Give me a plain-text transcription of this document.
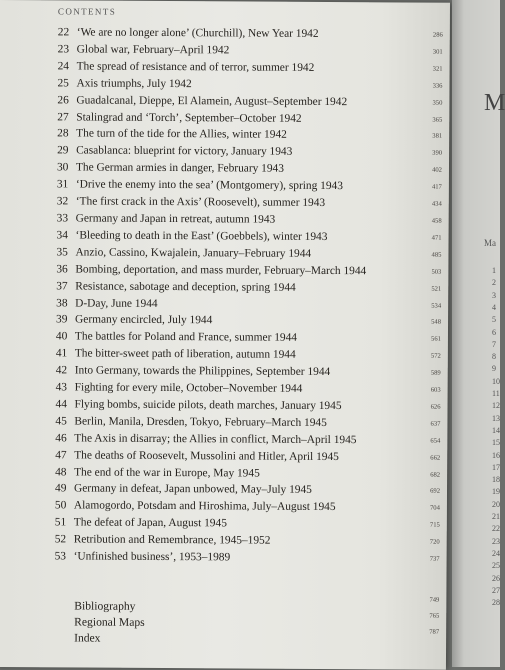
CONTENTS
22 ‘We are no longer alone’ (Churchill), New Year 1942	286
23 Global war, February–April 1942	301
24 The spread of resistance and of terror, summer 1942	321
25 Axis triumphs, July 1942	336
26 Guadalcanal, Dieppe, El Alamein, August–September 1942	350
27 Stalingrad and ‘Torch’, September–October 1942	365
28 The turn of the tide for the Allies, winter 1942	381
29 Casablanca: blueprint for victory, January 1943	390
30 The German armies in danger, February 1943	402
31 ‘Drive the enemy into the sea’ (Montgomery), spring 1943	417
32 ‘The first crack in the Axis’ (Roosevelt), summer 1943	434
33 Germany and Japan in retreat, autumn 1943	458
34 ‘Bleeding to death in the East’ (Goebbels), winter 1943	471
35 Anzio, Cassino, Kwajalein, January–February 1944	485
36 Bombing, deportation, and mass murder, February–March 1944	503
37 Resistance, sabotage and deception, spring 1944	521
38 D-Day, June 1944	534
39 Germany encircled, July 1944	548
40 The battles for Poland and France, summer 1944	561
41 The bitter-sweet path of liberation, autumn 1944	572
42 Into Germany, towards the Philippines, September 1944	589
43 Fighting for every mile, October–November 1944	603
44 Flying bombs, suicide pilots, death marches, January 1945	626
45 Berlin, Manila, Dresden, Tokyo, February–March 1945	637
46 The Axis in disarray; the Allies in conflict, March–April 1945	654
47 The deaths of Roosevelt, Mussolini and Hitler, April 1945	662
48 The end of the war in Europe, May 1945	682
49 Germany in defeat, Japan unbowed, May–July 1945	692
50 Alamogordo, Potsdam and Hiroshima, July–August 1945	704
51 The defeat of Japan, August 1945	715
52 Retribution and Remembrance, 1945–1952	720
53 ‘Unfinished business’, 1953–1989	737
Bibliography	749
Regional Maps	765
Index	787
M
Ma
1
2
3
4
5
6
7
8
9
10
11
12
13
14
15
16
17
18
19
20
21
22
23
24
25
26
27
28
